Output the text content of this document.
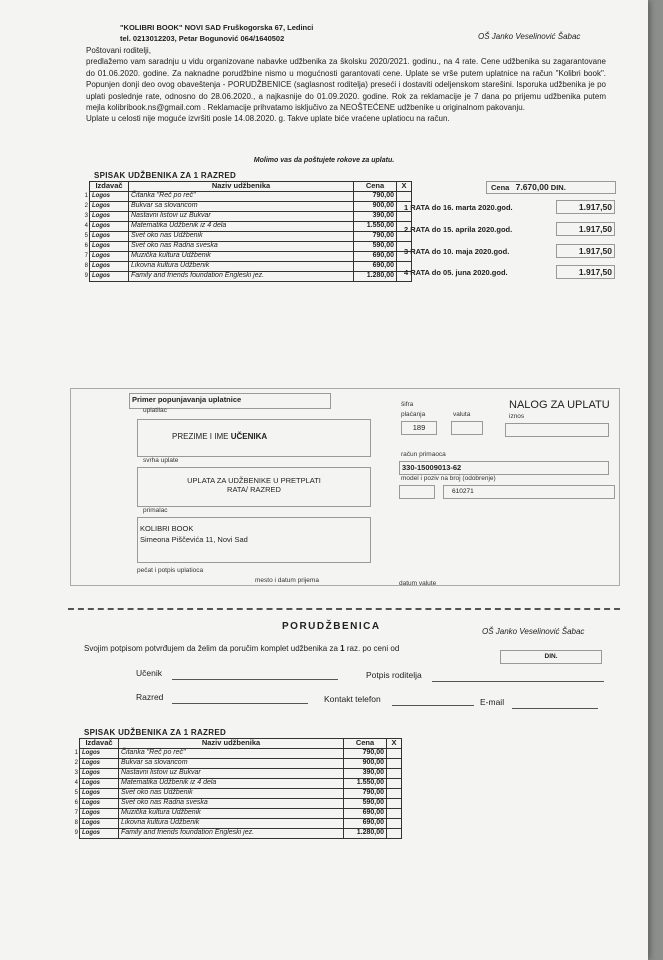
"KOLIBRI BOOK" NOVI SAD Fruškogorska 67, Ledinci
tel. 0213012203, Petar Bogunović 064/1640502	OŠ Janko Veselinović Šabac

Poštovani roditelji,

predlažemo vam saradnju u vidu organizovane nabavke udžbenika za školsku 2020/2021. godinu., na 4 rate. Cene udžbenika su zagarantovane do 01.06.2020. godine. Za naknadne porudžbine nismo u mogućnosti garantovati cene. Uplate se vrše putem uplatnice na račun "Kolibri book". Popunjen donji deo ovog obaveštenja - PORUDŽBENICE (saglasnost roditelja) preseći i dostaviti odeljenskom starešini. Isporuka udžbenika je po uplati poslednje rate, odnosno do 28.06.2020., a najkasnije do 01.09.2020. godine. Rok za reklamacije je 7 dana po prijemu udžbenika putem mejla kolibribook.ns@gmail.com . Reklamacije prihvatamo isključivo za NEOŠTEĆENE udžbenike u originalnom pakovanju.

Uplate u celosti nije moguće izvršiti posle 14.08.2020. g. Takve uplate biće vraćene uplatiocu na račun.

Molimo vas da poštujete rokove za uplatu.
SPISAK UDŽBENIKA ZA 1 RAZRED
	Izdavač	Naziv udžbenika	Cena	X
1	Logos	Čitanka "Reč po reč"	790,00	
2	Logos	Bukvar sa slovaricom	900,00	
3	Logos	Nastavni listovi uz Bukvar	390,00	
4	Logos	Matematika Udžbenik iz 4 dela	1.550,00	
5	Logos	Svet oko nas Udžbenik	790,00	
6	Logos	Svet oko nas Radna sveska	590,00	
7	Logos	Muzička kultura Udžbenik	690,00	
8	Logos	Likovna kultura Udžbenik	690,00	
9	Logos	Family and friends foundation Engleski jez.	1.280,00	
Cena 7.670,00 DIN.
1 RATA do 16. marta 2020.god.	1.917,50
2 RATA do 15. aprila 2020.god.	1.917,50
3 RATA do 10. maja 2020.god.	1.917,50
4 RATA do 05. juna 2020.god.	1.917,50
Primer popunjavanja uplatnice	NALOG ZA UPLATU
uplatilac
PREZIME I IME UČENIKA
svrha uplate
UPLATA ZA UDŽBENIKE U PRETPLATI
RATA/ RAZRED
primalac
KOLIBRI BOOK
Simeona Piščevića 11, Novi Sad
pečat i potpis uplatioca
mesto i datum prijema
šifra
plaćanja
189
valuta	iznos
račun primaoca
330-15009013-62
model i poziv na broj (odobrenje)
610271
datum valute
PORUDŽBENICA	OŠ Janko Veselinović Šabac
Svojim potpisom potvrđujem da želim da poručim komplet udžbenika za 1 raz. po ceni od
DIN.
Učenik	Potpis roditelja
Razred	Kontakt telefon	E-mail
SPISAK UDŽBENIKA ZA 1 RAZRED
	Izdavač	Naziv udžbenika	Cena	X
1	Logos	Čitanka "Reč po reč"	790,00	
2	Logos	Bukvar sa slovaricom	900,00	
3	Logos	Nastavni listovi uz Bukvar	390,00	
4	Logos	Matematika Udžbenik iz 4 dela	1.550,00	
5	Logos	Svet oko nas Udžbenik	790,00	
6	Logos	Svet oko nas Radna sveska	590,00	
7	Logos	Muzička kultura Udžbenik	690,00	
8	Logos	Likovna kultura Udžbenik	690,00	
9	Logos	Family and friends foundation Engleski jez.	1.280,00	
